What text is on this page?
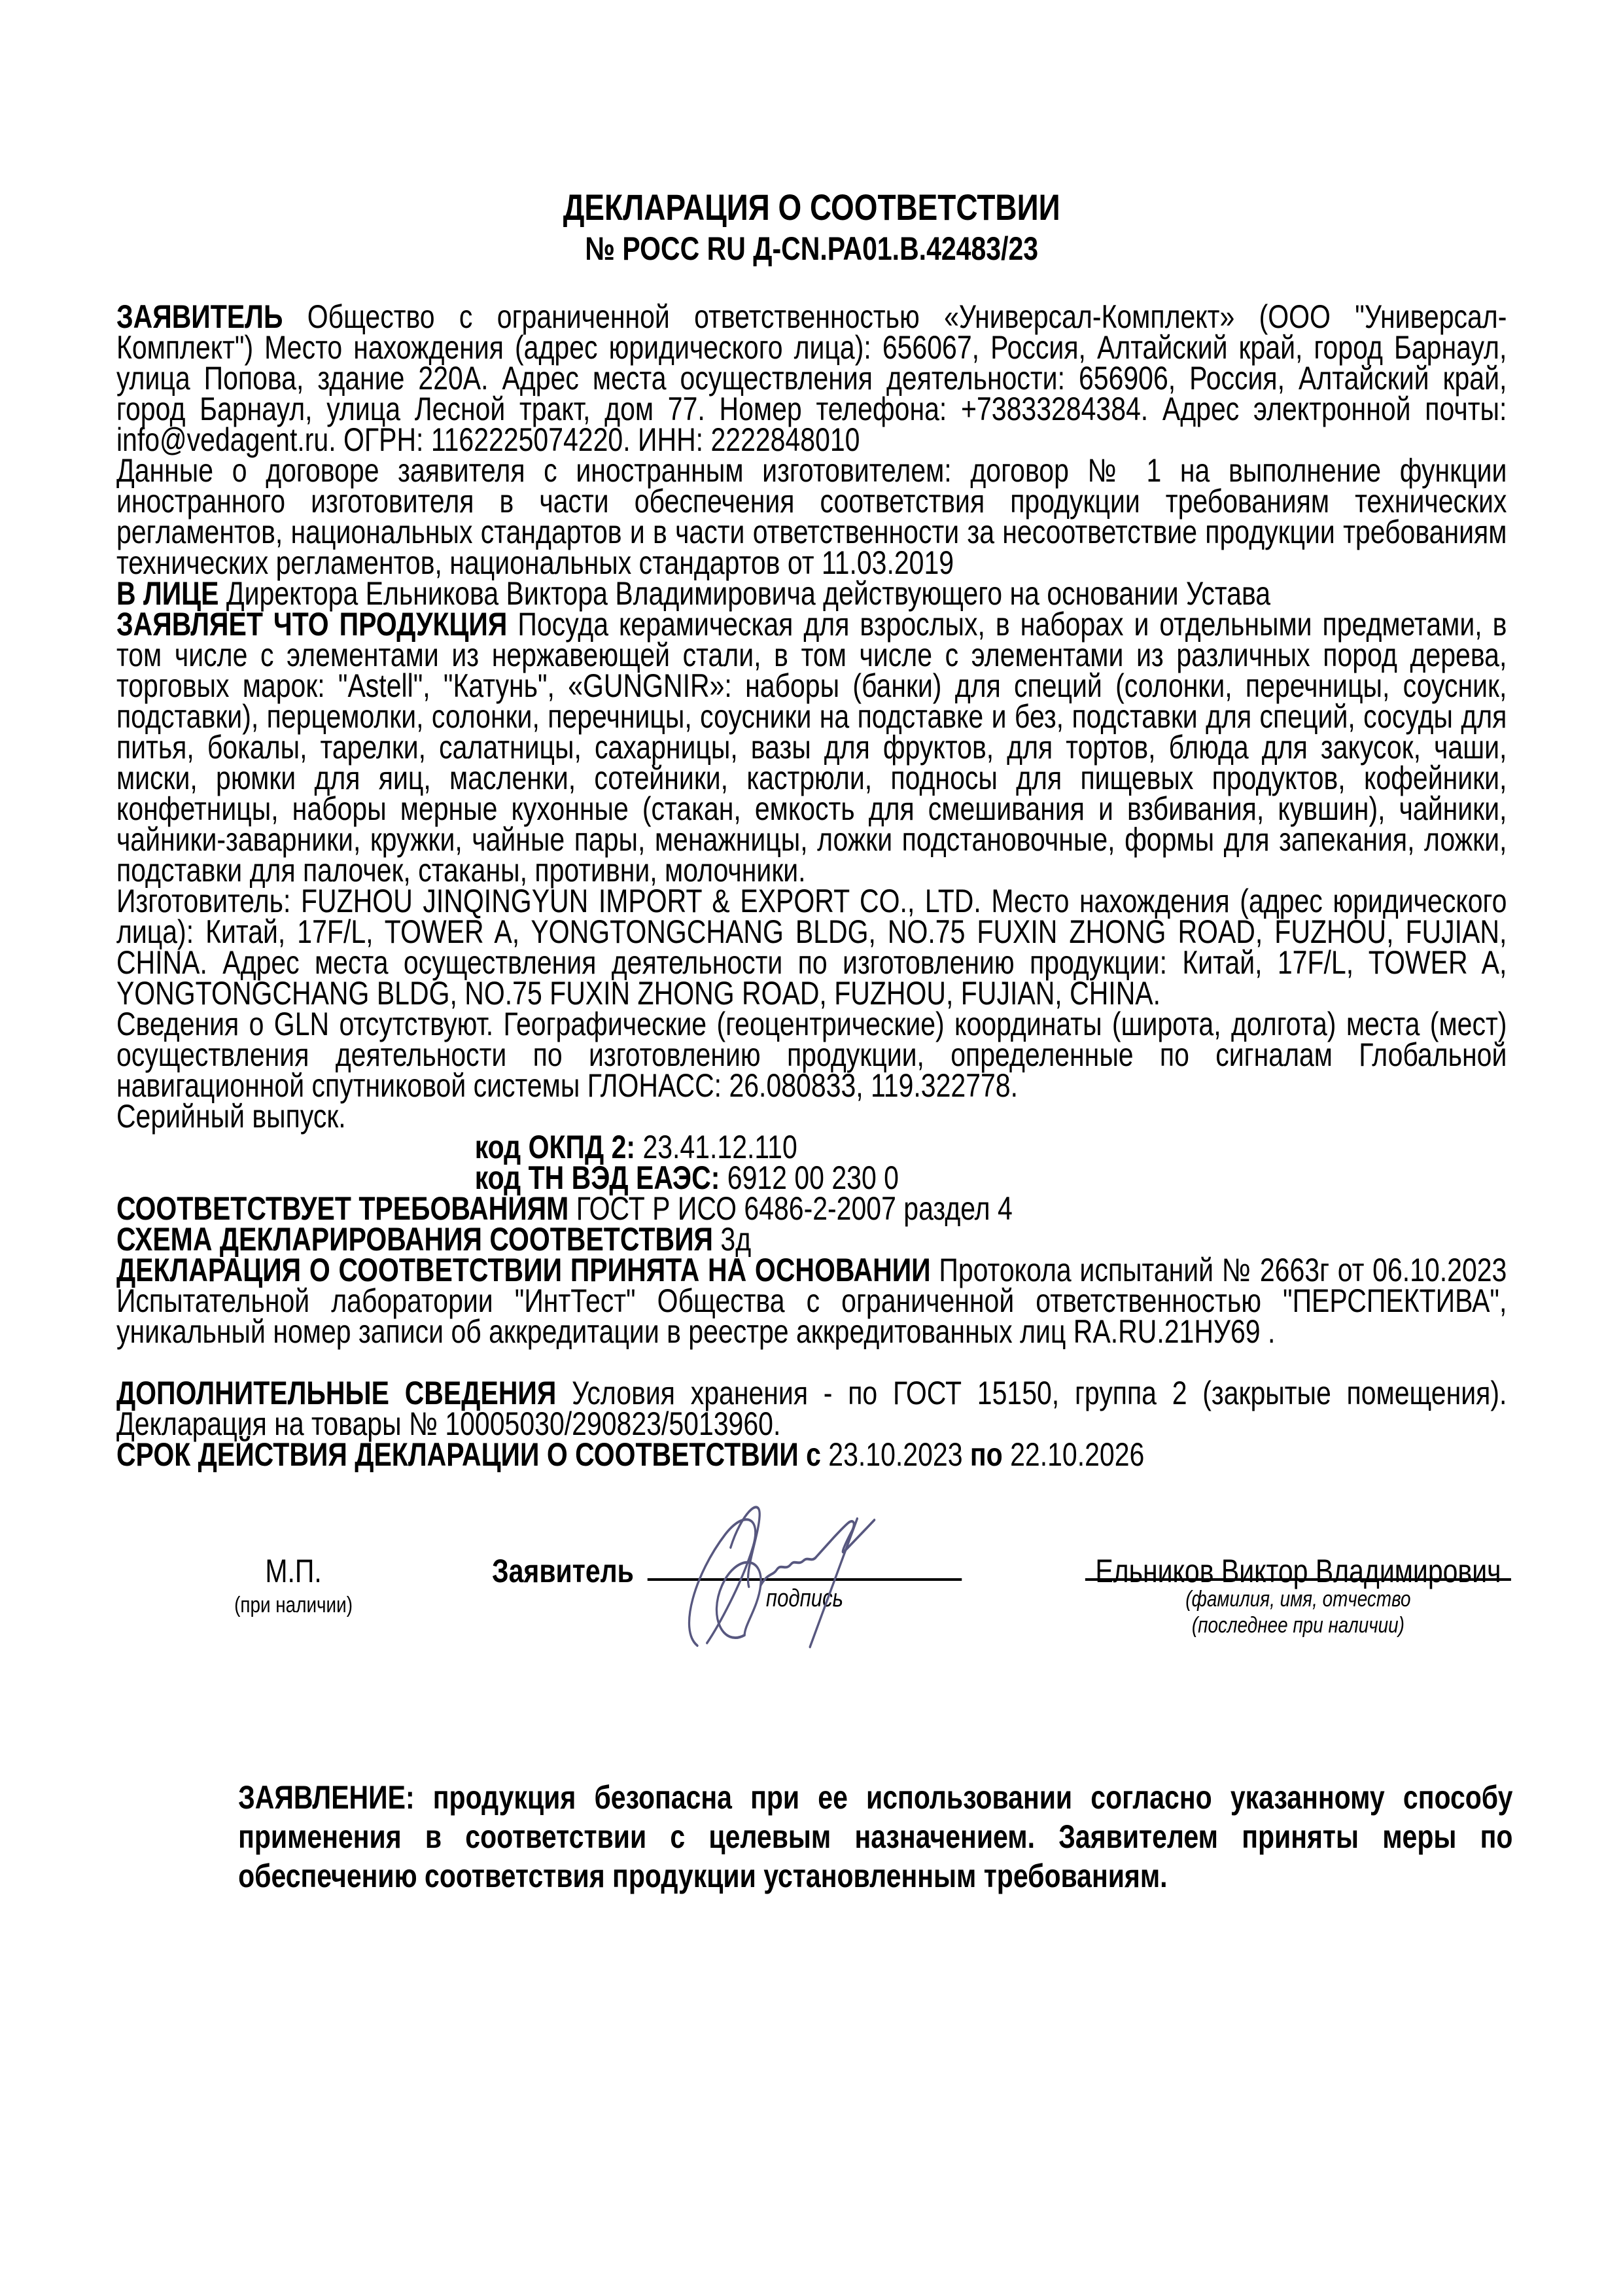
ДЕКЛАРАЦИЯ О СООТВЕТСТВИИ
№ РОСС RU Д-CN.РА01.В.42483/23
ЗАЯВИТЕЛЬ Общество с ограниченной ответственностью «Универсал-Комплект» (ООО "Универсал-Комплект") Место нахождения (адрес юридического лица): 656067, Россия, Алтайский край, город Барнаул, улица Попова, здание 220А. Адрес места осуществления деятельности: 656906, Россия, Алтайский край, город Барнаул, улица Лесной тракт, дом 77. Номер телефона: +73833284384. Адрес электронной почты: info@vedagent.ru. ОГРН: 1162225074220. ИНН: 2222848010
Данные о договоре заявителя с иностранным изготовителем: договор № 1 на выполнение функции иностранного изготовителя в части обеспечения соответствия продукции требованиям технических регламентов, национальных стандартов и в части ответственности за несоответствие продукции требованиям технических регламентов, национальных стандартов от 11.03.2019
В ЛИЦЕ Директора Ельникова Виктора Владимировича действующего на основании Устава
ЗАЯВЛЯЕТ ЧТО ПРОДУКЦИЯ Посуда керамическая для взрослых, в наборах и отдельными предметами, в том числе с элементами из нержавеющей стали, в том числе с элементами из различных пород дерева, торговых марок: "Astell", "Катунь", «GUNGNIR»: наборы (банки) для специй (солонки, перечницы, соусник, подставки), перцемолки, солонки, перечницы, соусники на подставке и без, подставки для специй, сосуды для питья, бокалы, тарелки, салатницы, сахарницы, вазы для фруктов, для тортов, блюда для закусок, чаши, миски, рюмки для яиц, масленки, сотейники, кастрюли, подносы для пищевых продуктов, кофейники, конфетницы, наборы мерные кухонные (стакан, емкость для смешивания и взбивания, кувшин), чайники, чайники-заварники, кружки, чайные пары, менажницы, ложки подстановочные, формы для запекания, ложки, подставки для палочек, стаканы, противни, молочники.
Изготовитель: FUZHOU JINQINGYUN IMPORT & EXPORT CO., LTD. Место нахождения (адрес юридического лица): Китай, 17F/L, TOWER A, YONGTONGCHANG BLDG, NO.75 FUXIN ZHONG ROAD, FUZHOU, FUJIAN, CHINA. Адрес места осуществления деятельности по изготовлению продукции: Китай, 17F/L, TOWER A, YONGTONGCHANG BLDG, NO.75 FUXIN ZHONG ROAD, FUZHOU, FUJIAN, CHINA.
Сведения о GLN отсутствуют. Географические (геоцентрические) координаты (широта, долгота) места (мест) осуществления деятельности по изготовлению продукции, определенные по сигналам Глобальной навигационной спутниковой системы ГЛОНАСС: 26.080833, 119.322778.
Серийный выпуск.
код ОКПД 2: 23.41.12.110
код ТН ВЭД ЕАЭС: 6912 00 230 0
СООТВЕТСТВУЕТ ТРЕБОВАНИЯМ ГОСТ Р ИСО 6486-2-2007 раздел 4
СХЕМА ДЕКЛАРИРОВАНИЯ СООТВЕТСТВИЯ 3д
ДЕКЛАРАЦИЯ О СООТВЕТСТВИИ ПРИНЯТА НА ОСНОВАНИИ Протокола испытаний № 2663г от 06.10.2023 Испытательной лаборатории "ИнтТест" Общества с ограниченной ответственностью "ПЕРСПЕКТИВА", уникальный номер записи об аккредитации в реестре аккредитованных лиц RA.RU.21НУ69 .
ДОПОЛНИТЕЛЬНЫЕ СВЕДЕНИЯ Условия хранения - по ГОСТ 15150, группа 2 (закрытые помещения). Декларация на товары № 10005030/290823/5013960.
СРОК ДЕЙСТВИЯ ДЕКЛАРАЦИИ О СООТВЕТСТВИИ с 23.10.2023 по 22.10.2026
М.П.
(при наличии)
Заявитель
подпись
Ельников Виктор Владимирович
(фамилия, имя, отчество
(последнее при наличии)
ЗАЯВЛЕНИЕ: продукция безопасна при ее использовании согласно указанному способу применения в соответствии с целевым назначением. Заявителем приняты меры по обеспечению соответствия продукции установленным требованиям.
